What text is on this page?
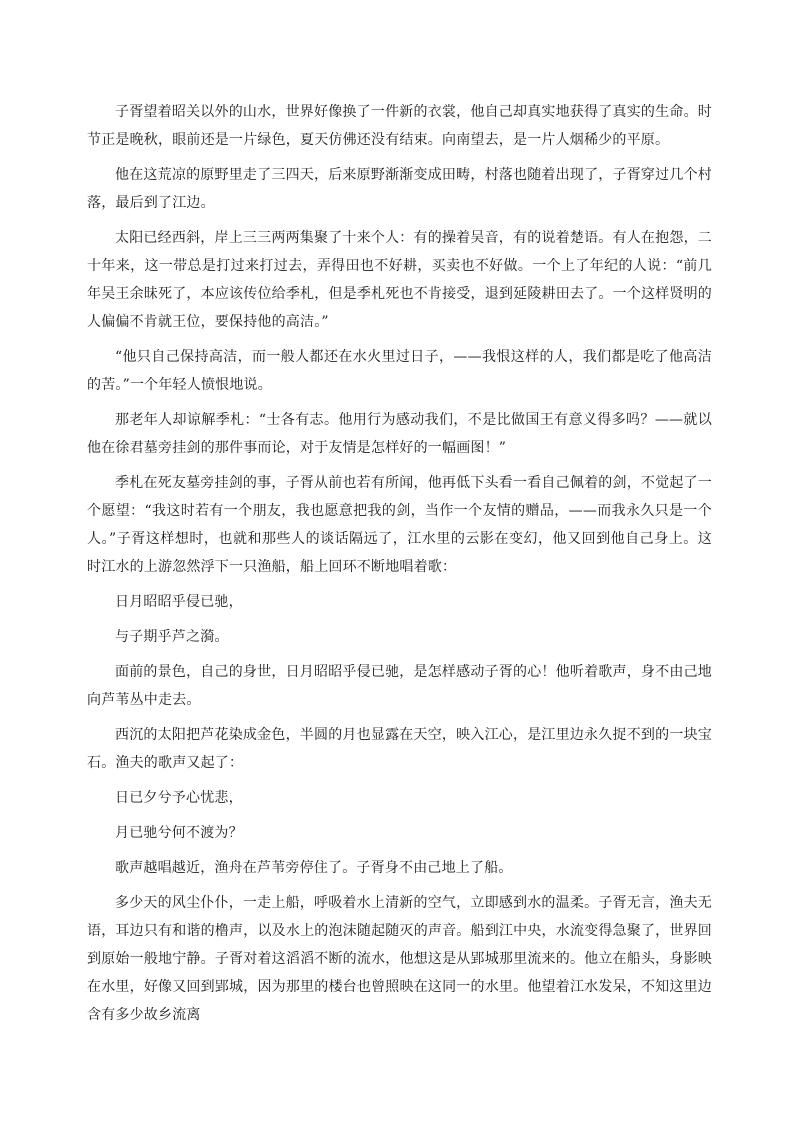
子胥望着昭关以外的山水，世界好像换了一件新的衣裳，他自己却真实地获得了真实的生命。时节正是晚秋，眼前还是一片绿色，夏天仿佛还没有结束。向南望去，是一片人烟稀少的平原。

他在这荒凉的原野里走了三四天，后来原野渐渐变成田畴，村落也随着出现了，子胥穿过几个村落，最后到了江边。

太阳已经西斜，岸上三三两两集聚了十来个人：有的操着吴音，有的说着楚语。有人在抱怨，二十年来，这一带总是打过来打过去，弄得田也不好耕，买卖也不好做。一个上了年纪的人说：“前几年吴王余昧死了，本应该传位给季札，但是季札死也不肯接受，退到延陵耕田去了。一个这样贤明的人偏偏不肯就王位，要保持他的高洁。”

“他只自己保持高洁，而一般人都还在水火里过日子，——我恨这样的人，我们都是吃了他高洁的苦。”一个年轻人愤恨地说。

那老年人却谅解季札：“士各有志。他用行为感动我们，不是比做国王有意义得多吗？——就以他在徐君墓旁挂剑的那件事而论，对于友情是怎样好的一幅画图！”

季札在死友墓旁挂剑的事，子胥从前也若有所闻，他再低下头看一看自己佩着的剑，不觉起了一个愿望：“我这时若有一个朋友，我也愿意把我的剑，当作一个友情的赠品，——而我永久只是一个人。”子胥这样想时，也就和那些人的谈话隔远了，江水里的云影在变幻，他又回到他自己身上。这时江水的上游忽然浮下一只渔船，船上回环不断地唱着歌：

日月昭昭乎侵已驰，

与子期乎芦之漪。

面前的景色，自己的身世，日月昭昭乎侵已驰，是怎样感动子胥的心！他听着歌声，身不由己地向芦苇丛中走去。

西沉的太阳把芦花染成金色，半圆的月也显露在天空，映入江心，是江里边永久捉不到的一块宝石。渔夫的歌声又起了：

日已夕兮予心忧悲，

月已驰兮何不渡为？

歌声越唱越近，渔舟在芦苇旁停住了。子胥身不由己地上了船。

多少天的风尘仆仆，一走上船，呼吸着水上清新的空气，立即感到水的温柔。子胥无言，渔夫无语，耳边只有和谐的橹声，以及水上的泡沫随起随灭的声音。船到江中央，水流变得急聚了，世界回到原始一般地宁静。子胥对着这滔滔不断的流水，他想这是从郢城那里流来的。他立在船头，身影映在水里，好像又回到郢城，因为那里的楼台也曾照映在这同一的水里。他望着江水发呆，不知这里边含有多少故乡流离
